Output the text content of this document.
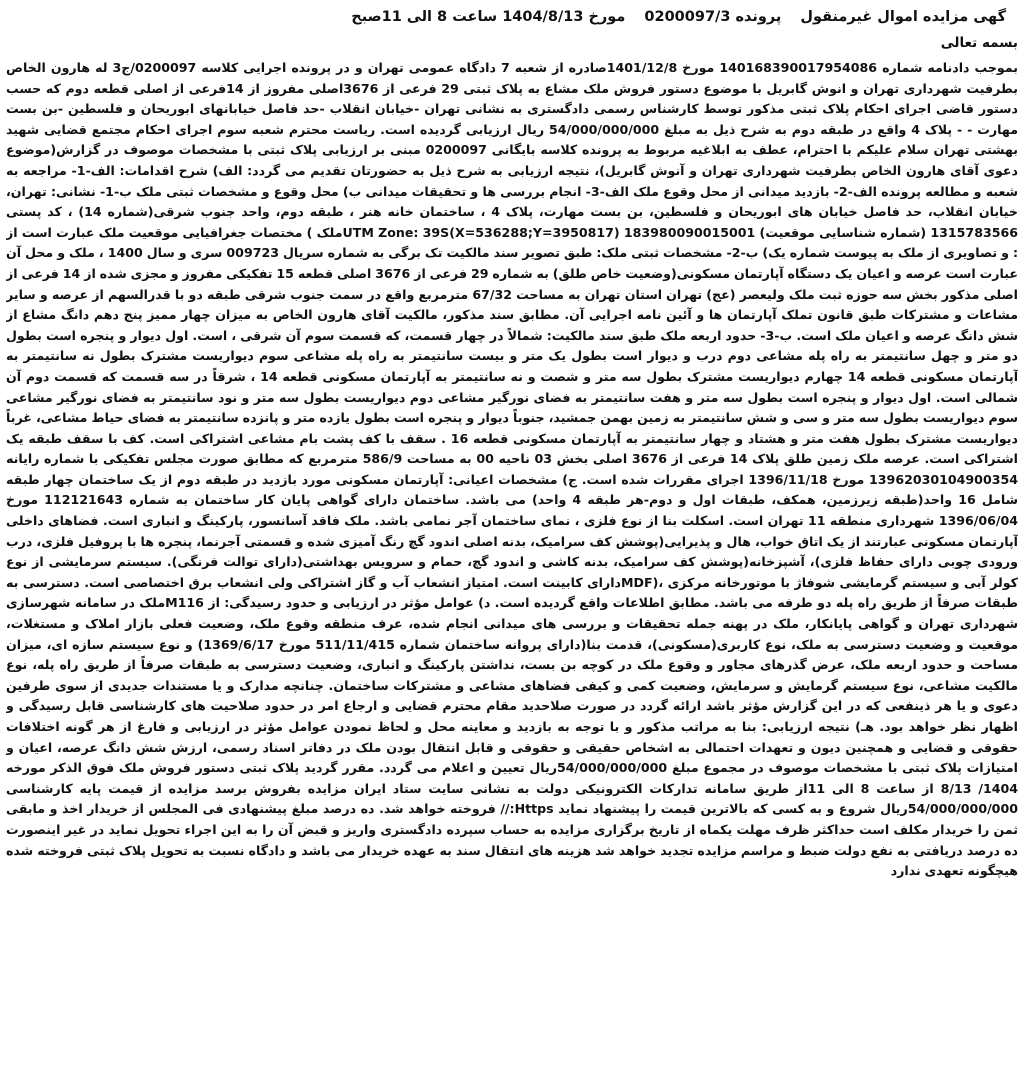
گهی مزایده اموال غیرمنقول پرونده 0200097/3 مورخ 1404/8/13 ساعت 8 الی 11صبح
بسمه تعالی
بموجب دادنامه شماره 140168390017954086 مورخ 1401/12/8صادره از شعبه 7 دادگاه عمومی تهران و در پرونده اجرایی کلاسه 0200097/ج3 له هارون الخاص بطرفیت شهرداری تهران و انوش گابریل با موضوع دستور فروش ملک مشاع به پلاک ثبتی 29 فرعی از 3676اصلی مفروز از 14فرعی از اصلی قطعه دوم که حسب دستور قاضی اجرای احکام پلاک ثبتی مذکور توسط کارشناس رسمی دادگستری به نشانی تهران -خیابان انقلاب -حد فاصل خیابانهای ابوریحان و فلسطین -بن بست مهارت - - پلاک 4 واقع در طبقه دوم به شرح ذیل به مبلغ 54/000/000/000 ریال ارزیابی گردیده است. ریاست محترم شعبه سوم اجرای احکام مجتمع قضایی شهید بهشتی تهران سلام علیکم با احترام، عطف به ابلاغیه مربوط به پرونده کلاسه بایگانی 0200097 مبنی بر ارزیابی پلاک ثبتی با مشخصات موصوف در گزارش(موضوع دعوی آقای هارون الخاص بطرفیت شهرداری تهران و آنوش گابریل)، نتیجه ارزیابی به شرح ذیل به حضورتان تقدیم می گردد: الف) شرح اقدامات: الف-1- مراجعه به شعبه و مطالعه پرونده الف-2- بازدید میدانی از محل وقوع ملک الف-3- انجام بررسی ها و تحقیقات میدانی ب) محل وقوع و مشخصات ثبتی ملک ب-1- نشانی: تهران، خیابان انقلاب، حد فاصل خیابان های ابوریحان و فلسطین، بن بست مهارت، پلاک 4 ، ساختمان خانه هنر ، طبقه دوم، واحد جنوب شرقی(شماره 14) ، کد پستی 1315783566 (شماره شناسایی موقعیت) UTM Zone: 39S(X=536288;Y=3950817) 183980090015001ملک ) مختصات جغرافیایی موقعیت ملک عبارت است از : و تصاویری از ملک به پیوست شماره یک) ب-2- مشخصات ثبتی ملک: طبق تصویر سند مالکیت تک برگی به شماره سریال 009723 سری و سال 1400 ، ملک و محل آن عبارت است عرصه و اعیان یک دستگاه آپارتمان مسکونی(وضعیت خاص طلق) به شماره 29 فرعی از 3676 اصلی قطعه 15 تفکیکی مفروز و مجزی شده از 14 فرعی از اصلی مذکور بخش سه حوزه ثبت ملک ولیعصر (عج) تهران استان تهران به مساحت 67/32 مترمربع واقع در سمت جنوب شرقی طبقه دو با قدرالسهم از عرصه و سایر مشاعات و مشترکات طبق قانون تملک آپارتمان ها و آئین نامه اجرایی آن. مطابق سند مذکور، مالکیت آقای هارون الخاص به میزان چهار ممیز پنج دهم دانگ مشاع از شش دانگ عرصه و اعیان ملک است. ب-3- حدود اربعه ملک طبق سند مالکیت: شمالاً در چهار قسمت، که قسمت سوم آن شرقی ، است. اول دیوار و پنجره است بطول دو متر و چهل سانتیمتر به راه پله مشاعی دوم درب و دیوار است بطول یک متر و بیست سانتیمتر به راه پله مشاعی سوم دیواریست مشترک بطول نه سانتیمتر به آپارتمان مسکونی قطعه 14 چهارم دیواریست مشترک بطول سه متر و شصت و نه سانتیمتر به آپارتمان مسکونی قطعه 14 ، شرقاً در سه قسمت که قسمت دوم آن شمالی است. اول دیوار و پنجره است بطول سه متر و هفت سانتیمتر به فضای نورگیر مشاعی دوم دیواریست بطول سه متر و نود سانتیمتر به فضای نورگیر مشاعی سوم دیواریست بطول سه متر و سی و شش سانتیمتر به زمین بهمن جمشید، جنوباً دیوار و پنجره است بطول یازده متر و پانزده سانتیمتر به فضای حیاط مشاعی، غرباً دیواریست مشترک بطول هفت متر و هشتاد و چهار سانتیمتر به آپارتمان مسکونی قطعه 16 . سقف با کف پشت بام مشاعی اشتراکی است. کف با سقف طبقه یک اشتراکی است. عرصه ملک زمین طلق پلاک 14 فرعی از 3676 اصلی بخش 03 ناحیه 00 به مساحت 586/9 مترمربع که مطابق صورت مجلس تفکیکی با شماره رایانه 13962030104900354 مورخ 1396/11/18 اجرای مقررات شده است. ج) مشخصات اعیانی: آپارتمان مسکونی مورد بازدید در طبقه دوم از یک ساختمان چهار طبقه شامل 16 واحد(طبقه زیرزمین، همکف، طبقات اول و دوم-هر طبقه 4 واحد) می باشد. ساختمان دارای گواهی پایان کار ساختمان به شماره 112121643 مورخ 1396/06/04 شهرداری منطقه 11 تهران است. اسکلت بنا از نوع فلزی ، نمای ساختمان آجر نمامی باشد. ملک فاقد آسانسور، پارکینگ و انباری است. فضاهای داخلی آپارتمان مسکونی عبارتند از یک اتاق خواب، هال و پذیرایی(پوشش کف سرامیک، بدنه اصلی اندود گچ رنگ آمیزی شده و قسمتی آجرنما، پنجره ها با پروفیل فلزی، درب ورودی چوبی دارای حفاظ فلزی)، آشپزخانه(پوشش کف سرامیک، بدنه کاشی و اندود گچ، حمام و سرویس بهداشتی(دارای توالت فرنگی). سیستم سرمایشی از نوع کولر آبی و سیستم گرمایشی شوفاژ با موتورخانه مرکزی ،(MDFدارای کابینت است. امتیاز انشعاب آب و گاز اشتراکی ولی انشعاب برق اختصاصی است. دسترسی به طبقات صرفاً از طریق راه پله دو طرفه می باشد. مطابق اطلاعات واقع گردیده است. د) عوامل مؤثر در ارزیابی و حدود رسیدگی: از M116ملک در سامانه شهرسازی شهرداری تهران و گواهی پایانکار، ملک در پهنه جمله تحقیقات و بررسی های میدانی انجام شده، عرف منطقه وقوع ملک، وضعیت فعلی بازار املاک و مستغلات، موقعیت و وضعیت دسترسی به ملک، نوع کاربری(مسکونی)، قدمت بنا(دارای پروانه ساختمان شماره 511/11/415 مورخ 1369/6/17) و نوع سیستم سازه ای، میزان مساحت و حدود اربعه ملک، عرض گذرهای مجاور و وقوع ملک در کوچه بن بست، نداشتن پارکینگ و انباری، وضعیت دسترسی به طبقات صرفاً از طریق راه پله، نوع مالکیت مشاعی، نوع سیستم گرمایش و سرمایش، وضعیت کمی و کیفی فضاهای مشاعی و مشترکات ساختمان. چنانچه مدارک و یا مستندات جدیدی از سوی طرفین دعوی و یا هر ذینفعی که در این گزارش مؤثر باشد ارائه گردد در صورت صلاحدید مقام محترم قضایی و ارجاع امر در حدود صلاحیت های کارشناسی قابل رسیدگی و اظهار نظر خواهد بود. هـ) نتیجه ارزیابی: بنا به مراتب مذکور و با توجه به بازدید و معاینه محل و لحاظ نمودن عوامل مؤثر در ارزیابی و فارغ از هر گونه اختلافات حقوقی و قضایی و همچنین دیون و تعهدات احتمالی به اشخاص حقیقی و حقوقی و قابل انتقال بودن ملک در دفاتر اسناد رسمی، ارزش شش دانگ عرصه، اعیان و امتیازات پلاک ثبتی با مشخصات موصوف در مجموع مبلغ 54/000/000/000ریال تعیین و اعلام می گردد. مقرر گردید پلاک ثبتی دستور فروش ملک فوق الذکر مورخه 1404/ 8/13 از ساعت 8 الی 11از طریق سامانه تدارکات الکترونیکی دولت به نشانی سایت ستاد ایران مزایده بفروش برسد مزایده از قیمت پایه کارشناسی 54/000/000/000ریال شروع و به کسی که بالاترین قیمت را پیشنهاد نماید Https:// فروخته خواهد شد. ده درصد مبلغ پیشنهادی فی المجلس از خریدار اخذ و مابقی ثمن را خریدار مکلف است حداکثر ظرف مهلت یکماه از تاریخ برگزاری مزایده به حساب سپرده دادگستری واریز و قبض آن را به این اجراء تحویل نماید در غیر اینصورت ده درصد دریافتی به نفع دولت ضبط و مراسم مزایده تجدید خواهد شد هزینه های انتقال سند به عهده خریدار می باشد و دادگاه نسبت به تحویل پلاک ثبتی فروخته شده هیچگونه تعهدی ندارد
